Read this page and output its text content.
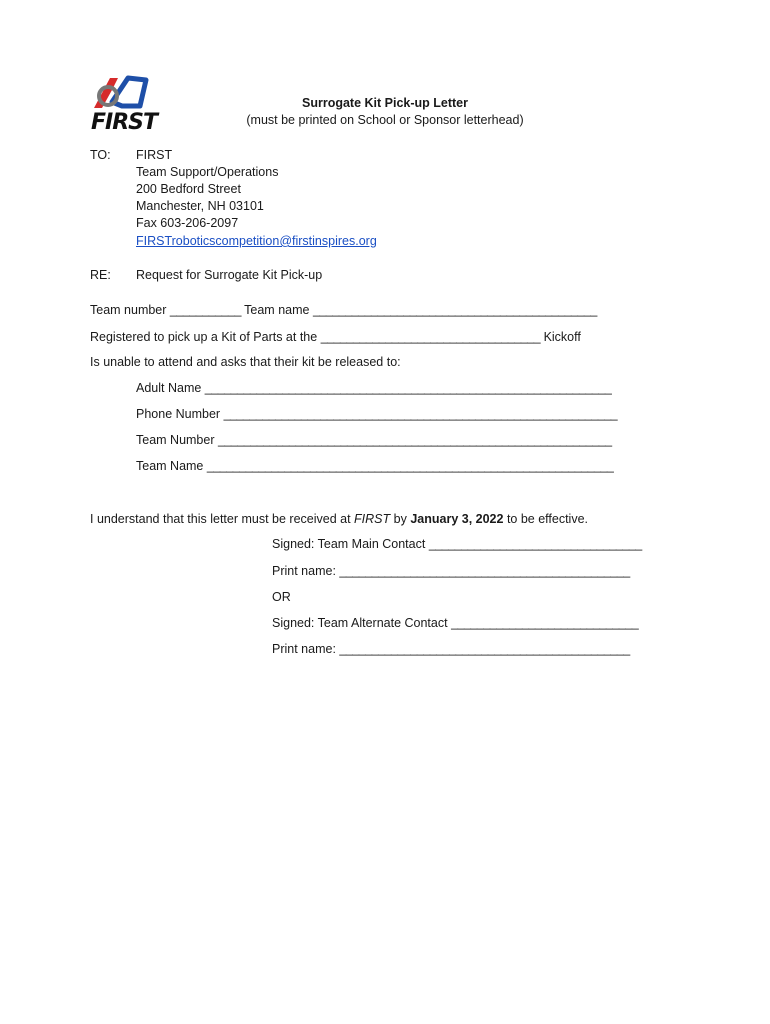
FIRST
Surrogate Kit Pick-up Letter
(must be printed on School or Sponsor letterhead)
TO: FIRST
Team Support/Operations
200 Bedford Street
Manchester, NH 03101
Fax 603-206-2097
FIRSTroboticscompetition@firstinspires.org
RE: Request for Surrogate Kit Pick-up
Team number ___________ Team name ____________________________________________
Registered to pick up a Kit of Parts at the __________________________________ Kickoff
Is unable to attend and asks that their kit be released to:
Adult Name _______________________________________________________________
Phone Number _____________________________________________________________
Team Number _____________________________________________________________
Team Name _______________________________________________________________
I understand that this letter must be received at FIRST by January 3, 2022 to be effective.
Signed: Team Main Contact _________________________________
Print name: _____________________________________________
OR
Signed: Team Alternate Contact _____________________________
Print name: _____________________________________________
